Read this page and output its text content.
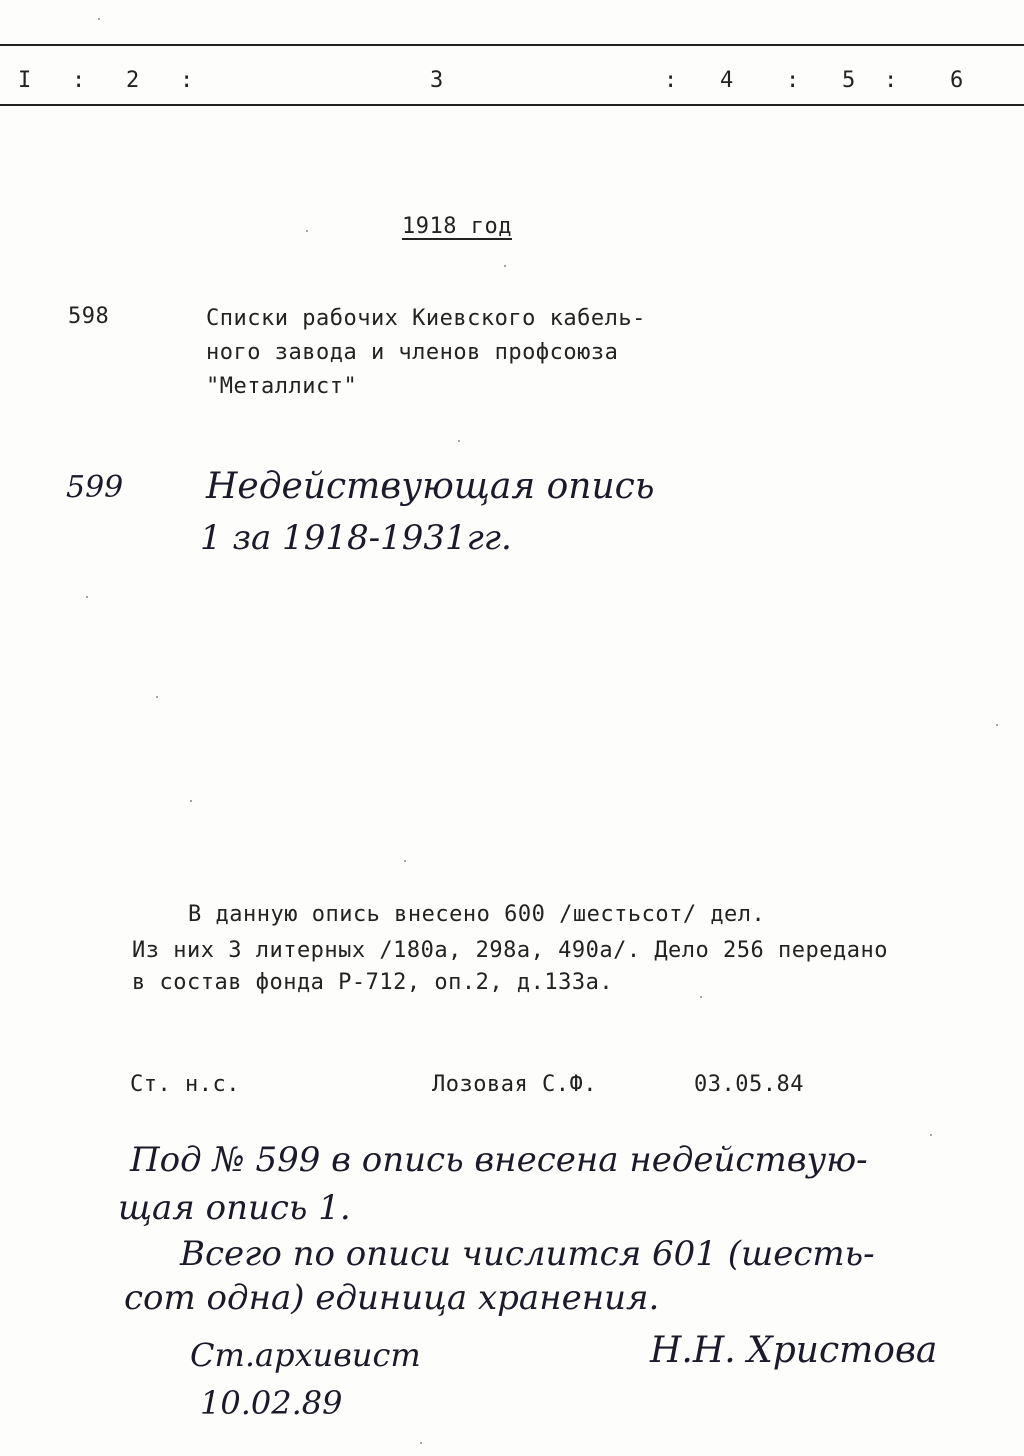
I : 2 :	3	: 4 : 5 : 6
1918 год
598	Списки рабочих Киевского кабель-
ного завода и членов профсоюза
"Металлист"
599 Недействующая опись
1 за 1918-1931гг.
В данную опись внесено 600 /шестьсот/ дел.
Из них 3 литерных /180а, 298а, 490а/. Дело 256 передано
в состав фонда Р-712, оп.2, д.133а.
Ст. н.с.	Лозовая С.Ф.	03.05.84
Под № 599 в опись внесена недействую-
щая опись 1.
Всего по описи числится 601 (шесть-
сот одна) единица хранения.
Ст.архивист
10.02.89
Н.Н. Христова
